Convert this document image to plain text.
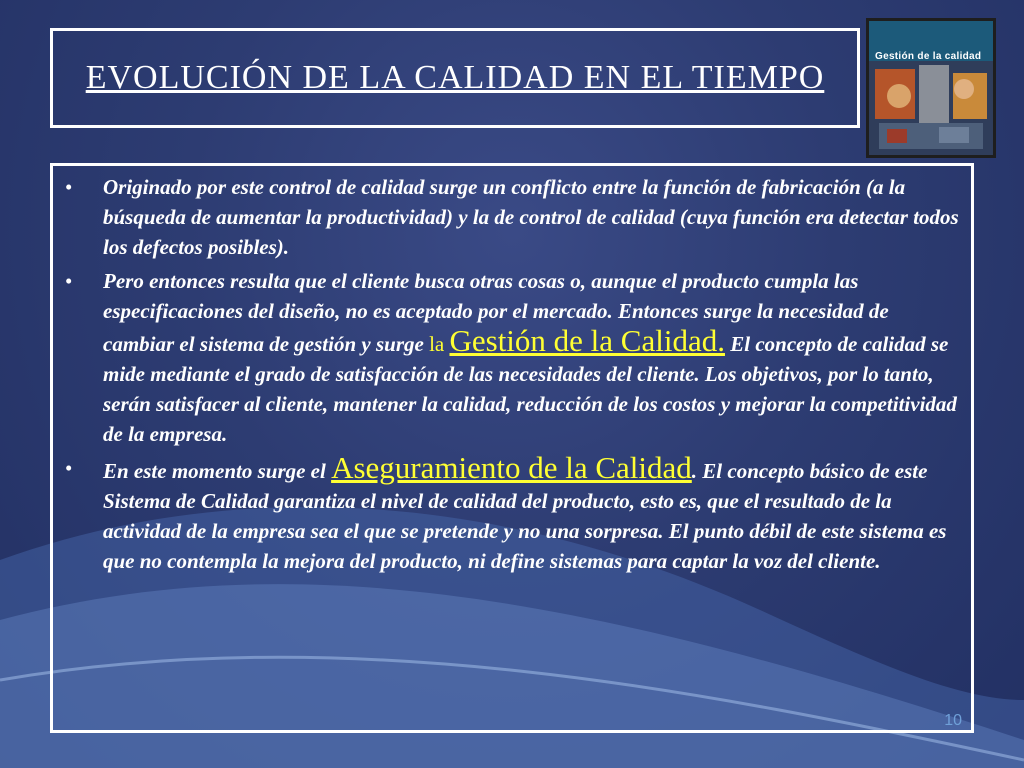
EVOLUCIÓN DE LA CALIDAD EN EL TIEMPO
Gestión de la calidad
• Originado por este control de calidad surge un conflicto entre la función de fabricación (a la búsqueda de aumentar la productividad) y la de control de calidad (cuya función era detectar todos los defectos posibles).
• Pero entonces resulta que el cliente busca otras cosas o, aunque el producto cumpla las especificaciones del diseño, no es aceptado por el mercado. Entonces surge la necesidad de cambiar el sistema de gestión y surge la Gestión de la Calidad. El concepto de calidad se mide mediante el grado de satisfacción de las necesidades del cliente. Los objetivos, por lo tanto, serán satisfacer al cliente, mantener la calidad, reducción de los costos y mejorar la competitividad de la empresa.
• En este momento surge el Aseguramiento de la Calidad. El concepto básico de este Sistema de Calidad garantiza el nivel de calidad del producto, esto es, que el resultado de la actividad de la empresa sea el que se pretende y no una sorpresa. El punto débil de este sistema es que no contempla la mejora del producto, ni define sistemas para captar la voz del cliente.
10
